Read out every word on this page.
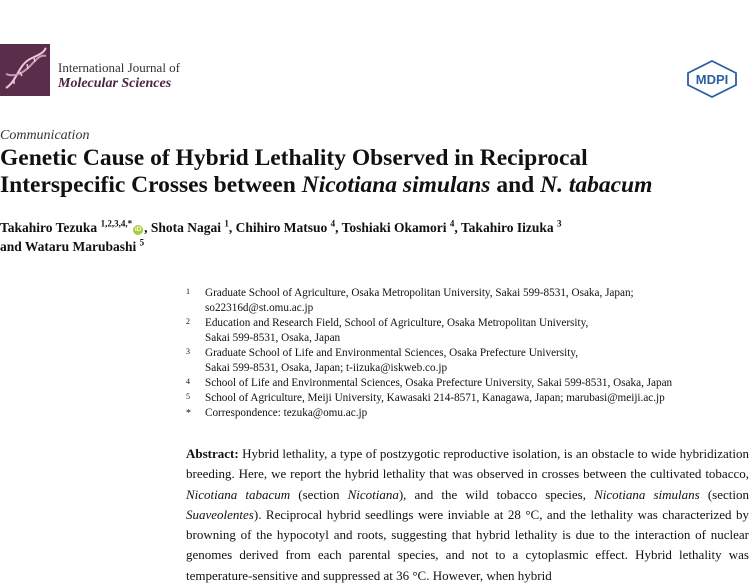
International Journal of
Molecular Sciences	MDPI
Communication
Genetic Cause of Hybrid Lethality Observed in Reciprocal
Interspecific Crosses between Nicotiana simulans and N. tabacum
Takahiro Tezuka $^{1,2,3,4,*}$iD , Shota Nagai $^1$, Chihiro Matsuo $^4$, Toshiaki Okamori $^4$, Takahiro Iizuka $^3$
and Wataru Marubashi $^5$
1 Graduate School of Agriculture, Osaka Metropolitan University, Sakai 599-8531, Osaka, Japan;
so22316d@st.omu.ac.jp
2 Education and Research Field, School of Agriculture, Osaka Metropolitan University,
Sakai 599-8531, Osaka, Japan
3 Graduate School of Life and Environmental Sciences, Osaka Prefecture University,
Sakai 599-8531, Osaka, Japan; t-iizuka@iskweb.co.jp
4 School of Life and Environmental Sciences, Osaka Prefecture University, Sakai 599-8531, Osaka, Japan
5 School of Agriculture, Meiji University, Kawasaki 214-8571, Kanagawa, Japan; marubasi@meiji.ac.jp
* Correspondence: tezuka@omu.ac.jp
Abstract: Hybrid lethality, a type of postzygotic reproductive isolation, is an obstacle to wide hybridization breeding. Here, we report the hybrid lethality that was observed in crosses between the cultivated tobacco, Nicotiana tabacum (section Nicotiana), and the wild tobacco species, Nicotiana simulans (section Suaveolentes). Reciprocal hybrid seedlings were inviable at 28 °C, and the lethality was characterized by browning of the hypocotyl and roots, suggesting that hybrid lethality is due to the interaction of nuclear genomes derived from each parental species, and not to a cytoplasmic effect. Hybrid lethality was temperature-sensitive and suppressed at 36 °C. However, when hybrid
